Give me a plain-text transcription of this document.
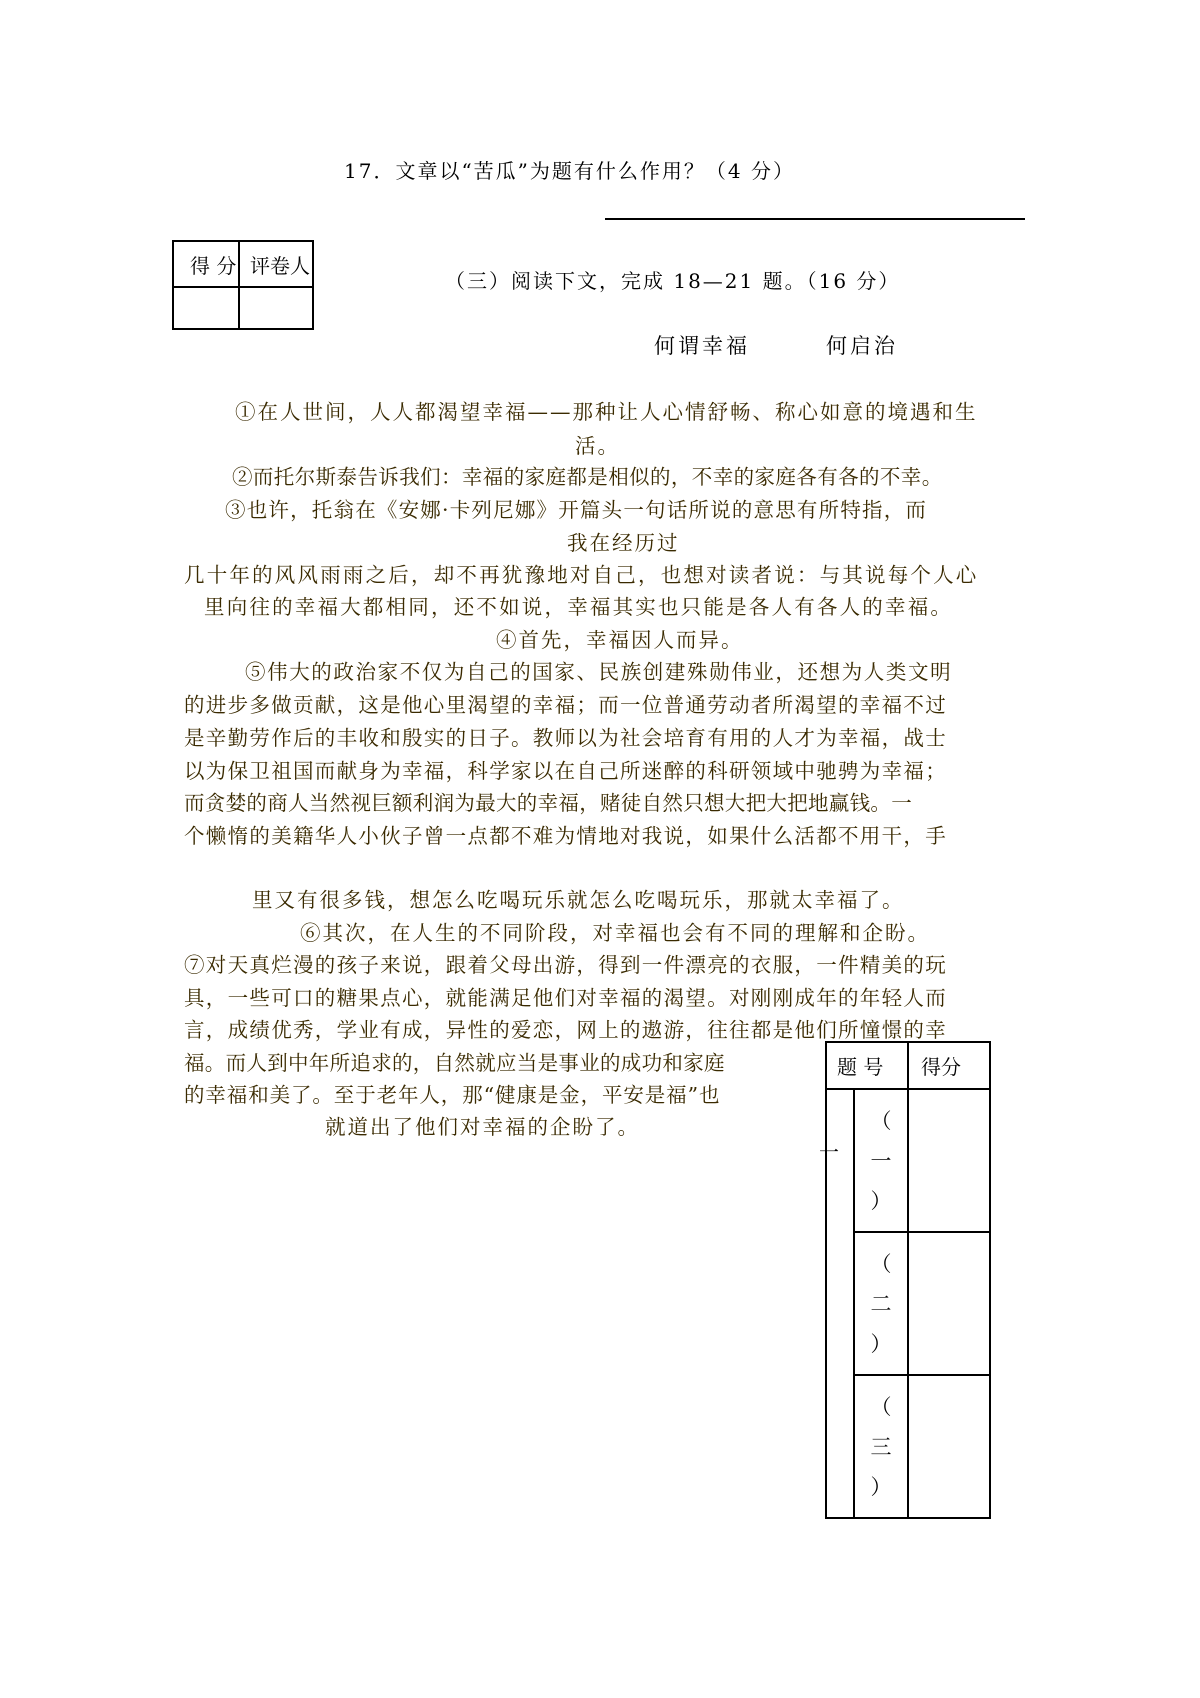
17．文章以“苦瓜”为题有什么作用？（4 分）
得 分	评卷人

（三）阅读下文，完成 18—21 题。（16 分）
何谓幸福	何启治
①在人世间，人人都渴望幸福——那种让人心情舒畅、称心如意的境遇和生
活。
②而托尔斯泰告诉我们：幸福的家庭都是相似的，不幸的家庭各有各的不幸。
③也许，托翁在《安娜·卡列尼娜》开篇头一句话所说的意思有所特指，而
我在经历过
几十年的风风雨雨之后，却不再犹豫地对自己，也想对读者说：与其说每个人心
里向往的幸福大都相同，还不如说，幸福其实也只能是各人有各人的幸福。
④首先，幸福因人而异。
⑤伟大的政治家不仅为自己的国家、民族创建殊勋伟业，还想为人类文明
的进步多做贡献，这是他心里渴望的幸福；而一位普通劳动者所渴望的幸福不过
是辛勤劳作后的丰收和殷实的日子。教师以为社会培育有用的人才为幸福，战士
以为保卫祖国而献身为幸福，科学家以在自己所迷醉的科研领域中驰骋为幸福；
而贪婪的商人当然视巨额利润为最大的幸福，赌徒自然只想大把大把地赢钱。一
个懒惰的美籍华人小伙子曾一点都不难为情地对我说，如果什么活都不用干，手
里又有很多钱，想怎么吃喝玩乐就怎么吃喝玩乐，那就太幸福了。
⑥其次，在人生的不同阶段，对幸福也会有不同的理解和企盼。
⑦对天真烂漫的孩子来说，跟着父母出游，得到一件漂亮的衣服，一件精美的玩
具，一些可口的糖果点心，就能满足他们对幸福的渴望。对刚刚成年的年轻人而
言，成绩优秀，学业有成，异性的爱恋，网上的遨游，往往都是他们所憧憬的幸
福。而人到中年所追求的，自然就应当是事业的成功和家庭
的幸福和美了。至于老年人，那“健康是金，平安是福”也
就道出了他们对幸福的企盼了。
题 号		得分
一	（
一
）	

	（
二
）	

	（
三
）	
